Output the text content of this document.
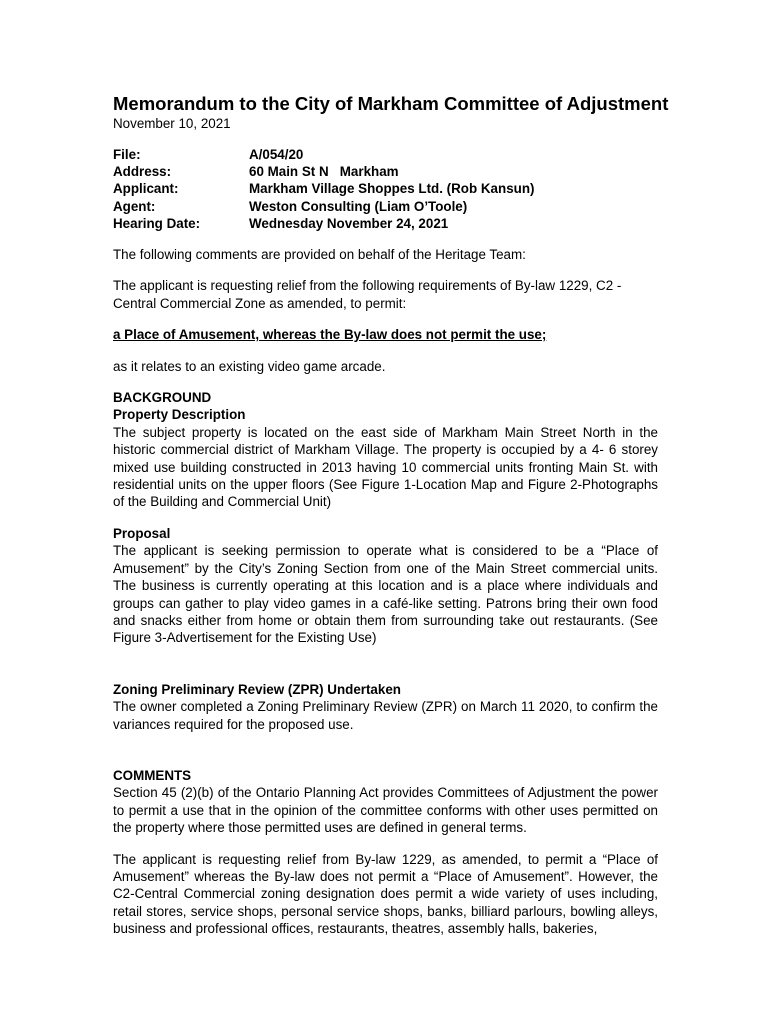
Memorandum to the City of Markham Committee of Adjustment
November 10, 2021
File:	A/054/20
Address:	60 Main St N   Markham
Applicant:	Markham Village Shoppes Ltd. (Rob Kansun)
Agent:	Weston Consulting (Liam O’Toole)
Hearing Date:	Wednesday November 24, 2021

The following comments are provided on behalf of the Heritage Team:

The applicant is requesting relief from the following requirements of By-law 1229, C2 - Central Commercial Zone as amended, to permit:

a Place of Amusement, whereas the By-law does not permit the use;

as it relates to an existing video game arcade.

BACKGROUND
Property Description

The subject property is located on the east side of Markham Main Street North in the historic commercial district of Markham Village. The property is occupied by a 4- 6 storey mixed use building constructed in 2013 having 10 commercial units fronting Main St. with residential units on the upper floors (See Figure 1-Location Map and Figure 2-Photographs of the Building and Commercial Unit)

Proposal

The applicant is seeking permission to operate what is considered to be a “Place of Amusement” by the City’s Zoning Section from one of the Main Street commercial units. The business is currently operating at this location and is a place where individuals and groups can gather to play video games in a café-like setting. Patrons bring their own food and snacks either from home or obtain them from surrounding take out restaurants. (See Figure 3-Advertisement for the Existing Use)

Zoning Preliminary Review (ZPR) Undertaken

The owner completed a Zoning Preliminary Review (ZPR) on March 11 2020, to confirm the variances required for the proposed use.

COMMENTS

Section 45 (2)(b) of the Ontario Planning Act provides Committees of Adjustment the power to permit a use that in the opinion of the committee conforms with other uses permitted on the property where those permitted uses are defined in general terms.

The applicant is requesting relief from By-law 1229, as amended, to permit a “Place of Amusement” whereas the By-law does not permit a “Place of Amusement”. However, the C2-Central Commercial zoning designation does permit a wide variety of uses including, retail stores, service shops, personal service shops, banks, billiard parlours, bowling alleys, business and professional offices, restaurants, theatres, assembly halls, bakeries,
